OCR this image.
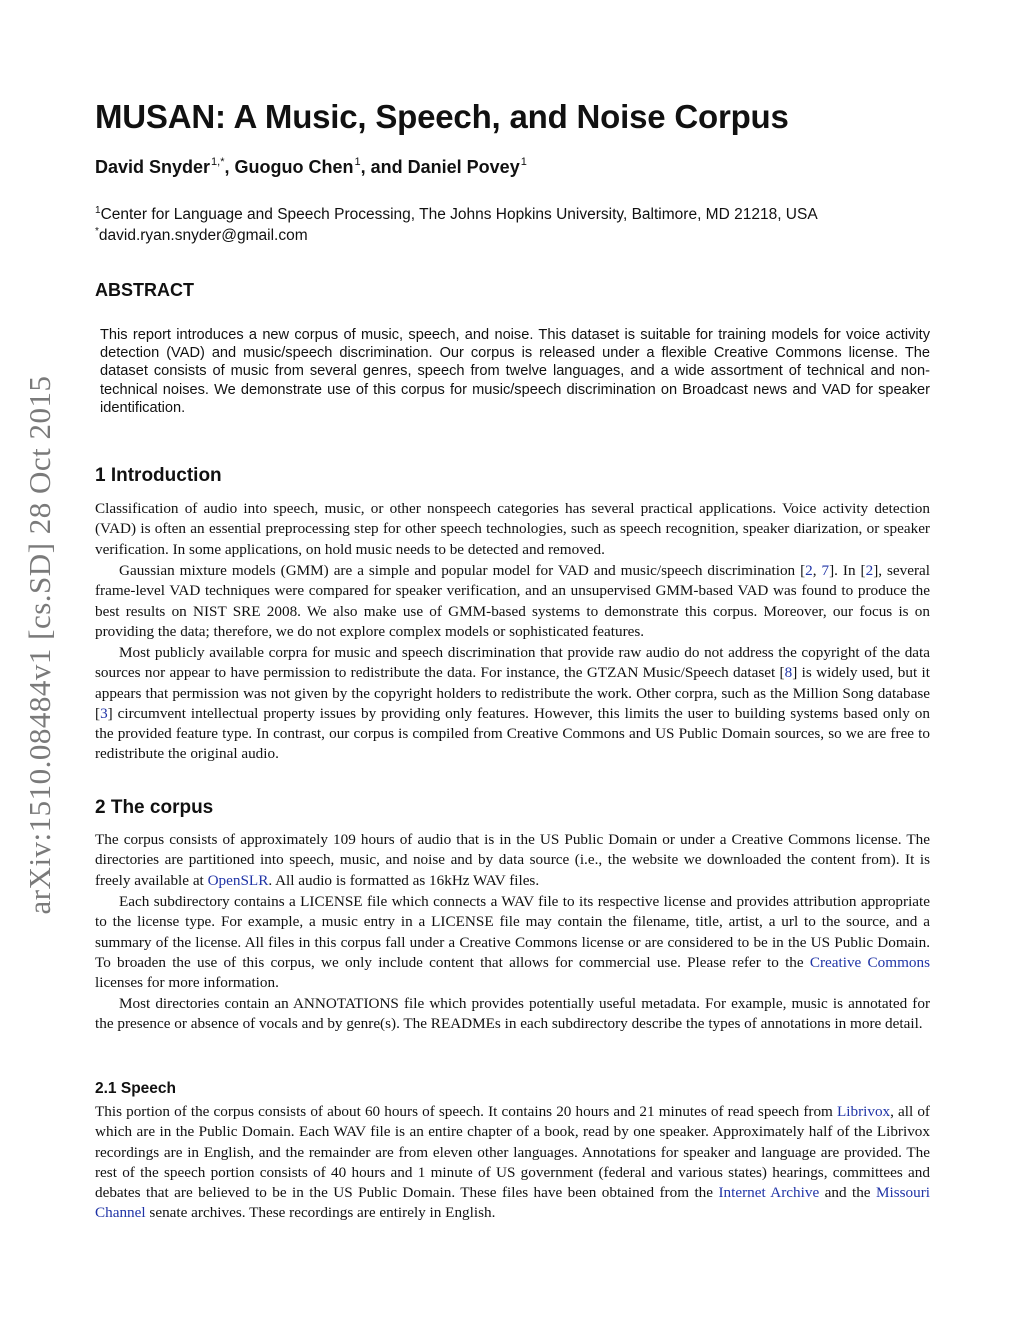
arXiv:1510.08484v1 [cs.SD] 28 Oct 2015
MUSAN: A Music, Speech, and Noise Corpus
David Snyder$^{1,*}$, Guoguo Chen$^1$, and Daniel Povey$^1$
$^1$Center for Language and Speech Processing, The Johns Hopkins University, Baltimore, MD 21218, USA
*david.ryan.snyder@gmail.com
ABSTRACT
This report introduces a new corpus of music, speech, and noise. This dataset is suitable for training models for voice activity detection (VAD) and music/speech discrimination. Our corpus is released under a flexible Creative Commons license. The dataset consists of music from several genres, speech from twelve languages, and a wide assortment of technical and non-technical noises. We demonstrate use of this corpus for music/speech discrimination on Broadcast news and VAD for speaker identification.
1 Introduction
Classification of audio into speech, music, or other nonspeech categories has several practical applications. Voice activity detection (VAD) is often an essential preprocessing step for other speech technologies, such as speech recognition, speaker diarization, or speaker verification. In some applications, on hold music needs to be detected and removed.
Gaussian mixture models (GMM) are a simple and popular model for VAD and music/speech discrimination [2, 7]. In [2], several frame-level VAD techniques were compared for speaker verification, and an unsupervised GMM-based VAD was found to produce the best results on NIST SRE 2008. We also make use of GMM-based systems to demonstrate this corpus. Moreover, our focus is on providing the data; therefore, we do not explore complex models or sophisticated features.
Most publicly available corpra for music and speech discrimination that provide raw audio do not address the copyright of the data sources nor appear to have permission to redistribute the data. For instance, the GTZAN Music/Speech dataset [8] is widely used, but it appears that permission was not given by the copyright holders to redistribute the work. Other corpra, such as the Million Song database [3] circumvent intellectual property issues by providing only features. However, this limits the user to building systems based only on the provided feature type. In contrast, our corpus is compiled from Creative Commons and US Public Domain sources, so we are free to redistribute the original audio.
2 The corpus
The corpus consists of approximately 109 hours of audio that is in the US Public Domain or under a Creative Commons license. The directories are partitioned into speech, music, and noise and by data source (i.e., the website we downloaded the content from). It is freely available at OpenSLR. All audio is formatted as 16kHz WAV files.
Each subdirectory contains a LICENSE file which connects a WAV file to its respective license and provides attribution appropriate to the license type. For example, a music entry in a LICENSE file may contain the filename, title, artist, a url to the source, and a summary of the license. All files in this corpus fall under a Creative Commons license or are considered to be in the US Public Domain. To broaden the use of this corpus, we only include content that allows for commercial use. Please refer to the Creative Commons licenses for more information.
Most directories contain an ANNOTATIONS file which provides potentially useful metadata. For example, music is annotated for the presence or absence of vocals and by genre(s). The READMEs in each subdirectory describe the types of annotations in more detail.
2.1 Speech
This portion of the corpus consists of about 60 hours of speech. It contains 20 hours and 21 minutes of read speech from Librivox, all of which are in the Public Domain. Each WAV file is an entire chapter of a book, read by one speaker. Approximately half of the Librivox recordings are in English, and the remainder are from eleven other languages. Annotations for speaker and language are provided. The rest of the speech portion consists of 40 hours and 1 minute of US government (federal and various states) hearings, committees and debates that are believed to be in the US Public Domain. These files have been obtained from the Internet Archive and the Missouri Channel senate archives. These recordings are entirely in English.
